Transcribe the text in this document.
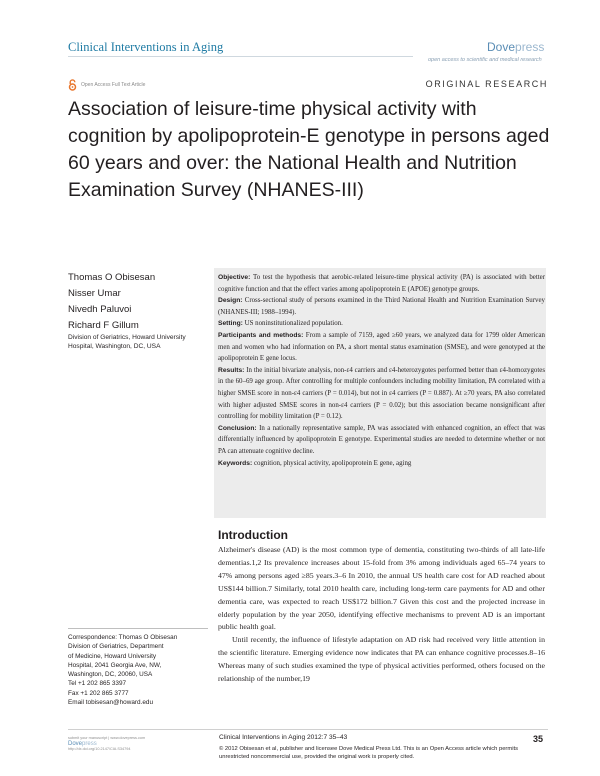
Clinical Interventions in Aging	Dovepress
open access to scientific and medical research
Open Access Full Text Article	ORIGINAL RESEARCH
Association of leisure-time physical activity with cognition by apolipoprotein-E genotype in persons aged 60 years and over: the National Health and Nutrition Examination Survey (NHANES-III)
Thomas O Obisesan
Nisser Umar
Nivedh Paluvoi
Richard F Gillum
Division of Geriatrics, Howard University Hospital, Washington, DC, USA

Objective: To test the hypothesis that aerobic-related leisure-time physical activity (PA) is associated with better cognitive function and that the effect varies among apolipoprotein E (APOE) genotype groups.

Design: Cross-sectional study of persons examined in the Third National Health and Nutrition Examination Survey (NHANES-III; 1988–1994).

Setting: US noninstitutionalized population.

Participants and methods: From a sample of 7159, aged ≥60 years, we analyzed data for 1799 older American men and women who had information on PA, a short mental status examination (SMSE), and were genotyped at the apolipoprotein E gene locus.

Results: In the initial bivariate analysis, non-ε4 carriers and ε4-heterozygotes performed better than ε4-homozygotes in the 60–69 age group. After controlling for multiple confounders including mobility limitation, PA correlated with a higher SMSE score in non-ε4 carriers (P = 0.014), but not in ε4 carriers (P = 0.887). At ≥70 years, PA also correlated with higher adjusted SMSE scores in non-ε4 carriers (P = 0.02); but this association became nonsignificant after controlling for mobility limitation (P = 0.12).

Conclusion: In a nationally representative sample, PA was associated with enhanced cognition, an effect that was differentially influenced by apolipoprotein E genotype. Experimental studies are needed to determine whether or not PA can attenuate cognitive decline.

Keywords: cognition, physical activity, apolipoprotein E gene, aging

Introduction

Alzheimer's disease (AD) is the most common type of dementia, constituting two-thirds of all late-life dementias.1,2 Its prevalence increases about 15-fold from 3% among individuals aged 65–74 years to 47% among persons aged ≥85 years.3–6 In 2010, the annual US health care cost for AD reached about US$144 billion.7 Similarly, total 2010 health care, including long-term care payments for AD and other dementia care, was expected to reach US$172 billion.7 Given this cost and the projected increase in elderly population by the year 2050, identifying effective mechanisms to prevent AD is an important public health goal.

Until recently, the influence of lifestyle adaptation on AD risk had received very little attention in the scientific literature. Emerging evidence now indicates that PA can enhance cognitive processes.8–16 Whereas many of such studies examined the type of physical activities performed, others focused on the relationship of the number,19

Correspondence: Thomas O Obisesan
Division of Geriatrics, Department
of Medicine, Howard University
Hospital, 2041 Georgia Ave, NW,
Washington, DC, 20060, USA
Tel +1 202 865 3397
Fax +1 202 865 3777
Email tobisesan@howard.edu
submit your manuscript | www.dovepress.com
Dovepress
http://dx.doi.org/10.2147/CIA.S34794
Clinical Interventions in Aging 2012:7 35–43	35
© 2012 Obisesan et al, publisher and licensee Dove Medical Press Ltd. This is an Open Access article which permits unrestricted noncommercial use, provided the original work is properly cited.
